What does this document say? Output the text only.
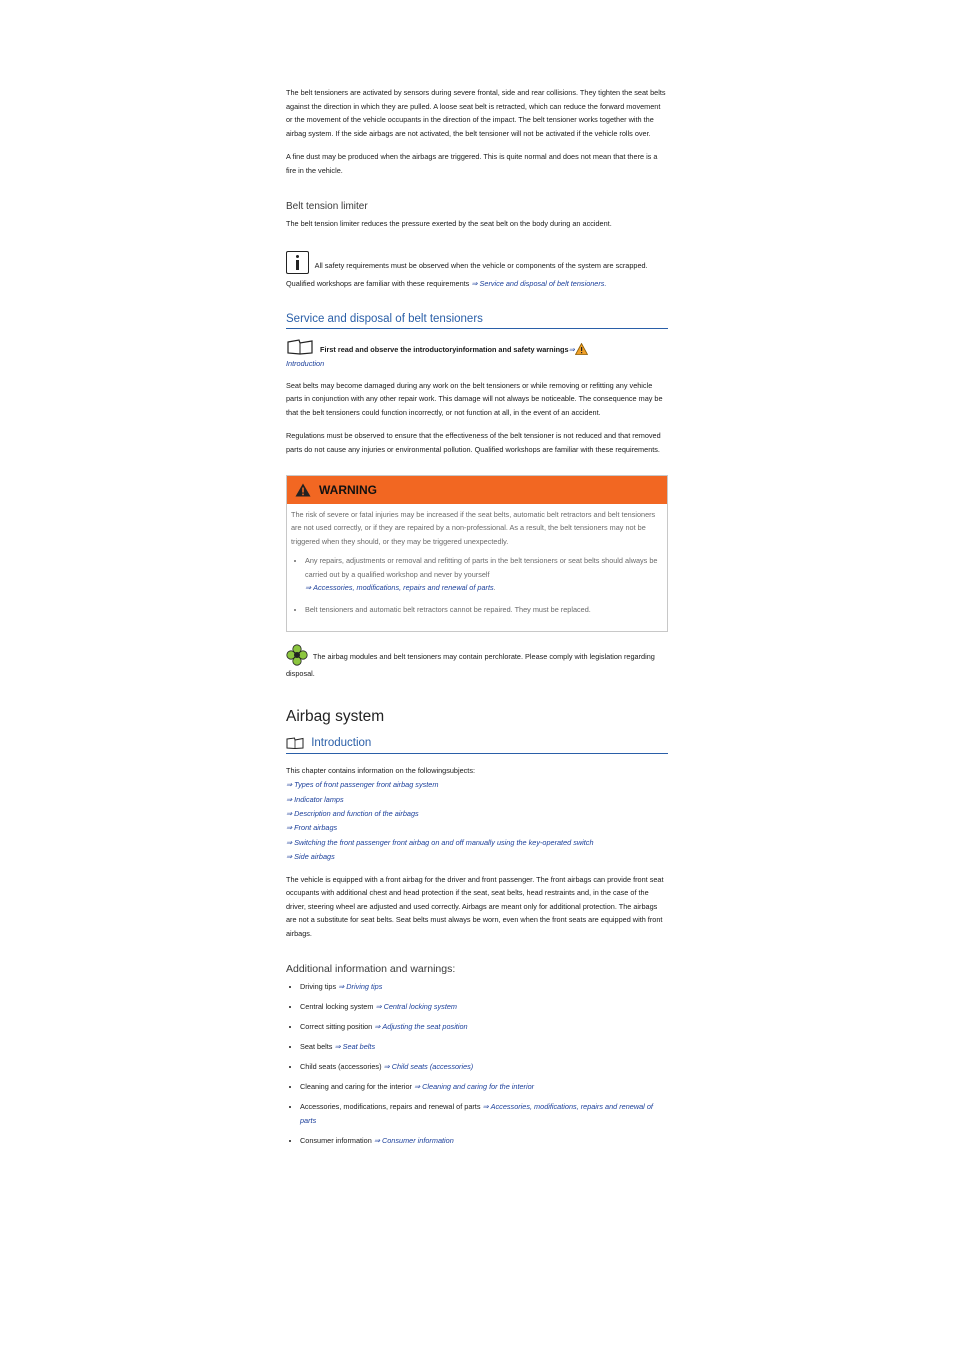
The belt tensioners are activated by sensors during severe frontal, side and rear collisions. They tighten the seat belts against the direction in which they are pulled. A loose seat belt is retracted, which can reduce the forward movement or the movement of the vehicle occupants in the direction of the impact. The belt tensioner works together with the airbag system. If the side airbags are not activated, the belt tensioner will not be activated if the vehicle rolls over.

A fine dust may be produced when the airbags are triggered. This is quite normal and does not mean that there is a fire in the vehicle.

Belt tension limiter

The belt tension limiter reduces the pressure exerted by the seat belt on the body during an accident.

All safety requirements must be observed when the vehicle or components of the system are scrapped. Qualified workshops are familiar with these requirements ⇒ Service and disposal of belt tensioners.

Service and disposal of belt tensioners

First read and observe the introductoryinformation and safety warnings⇒
Introduction

Seat belts may become damaged during any work on the belt tensioners or while removing or refitting any vehicle parts in conjunction with any other repair work. This damage will not always be noticeable. The consequence may be that the belt tensioners could function incorrectly, or not function at all, in the event of an accident.

Regulations must be observed to ensure that the effectiveness of the belt tensioner is not reduced and that removed parts do not cause any injuries or environmental pollution. Qualified workshops are familiar with these requirements.

WARNING

The risk of severe or fatal injuries may be increased if the seat belts, automatic belt retractors and belt tensioners are not used correctly, or if they are repaired by a non-professional. As a result, the belt tensioners may not be triggered when they should, or they may be triggered unexpectedly.

• Any repairs, adjustments or removal and refitting of parts in the belt tensioners or seat belts should always be carried out by a qualified workshop and never by yourself
⇒ Accessories, modifications, repairs and renewal of parts.
• Belt tensioners and automatic belt retractors cannot be repaired. They must be replaced.

The airbag modules and belt tensioners may contain perchlorate. Please comply with legislation regarding disposal.

Airbag system
Introduction

This chapter contains information on the followingsubjects:

⇒ Types of front passenger front airbag system

⇒ Indicator lamps

⇒ Description and function of the airbags

⇒ Front airbags

⇒ Switching the front passenger front airbag on and off manually using the key-operated switch

⇒ Side airbags

The vehicle is equipped with a front airbag for the driver and front passenger. The front airbags can provide front seat occupants with additional chest and head protection if the seat, seat belts, head restraints and, in the case of the driver, steering wheel are adjusted and used correctly. Airbags are meant only for additional protection. The airbags are not a substitute for seat belts. Seat belts must always be worn, even when the front seats are equipped with front airbags.

Additional information and warnings:
• Driving tips ⇒ Driving tips
• Central locking system ⇒ Central locking system
• Correct sitting position ⇒ Adjusting the seat position
• Seat belts ⇒ Seat belts
• Child seats (accessories) ⇒ Child seats (accessories)
• Cleaning and caring for the interior ⇒ Cleaning and caring for the interior
• Accessories, modifications, repairs and renewal of parts ⇒ Accessories, modifications, repairs and renewal of parts
• Consumer information ⇒ Consumer information
